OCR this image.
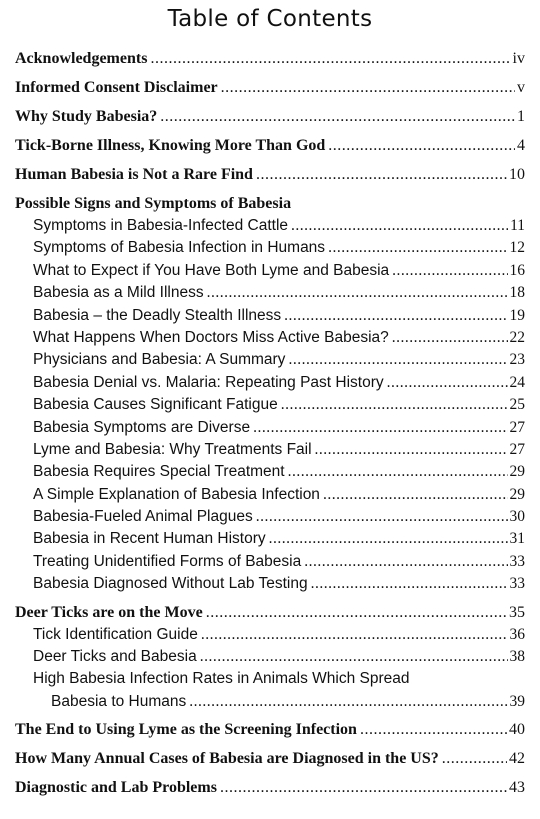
Table of Contents
Acknowledgements .....	iv
Informed Consent Disclaimer .....	v
Why Study Babesia? .....	1
Tick-Borne Illness, Knowing More Than God .....	4
Human Babesia is Not a Rare Find .....	10
Possible Signs and Symptoms of Babesia
Symptoms in Babesia-Infected Cattle .....	11
Symptoms of Babesia Infection in Humans .....	12
What to Expect if You Have Both Lyme and Babesia .....	16
Babesia as a Mild Illness .....	18
Babesia – the Deadly Stealth Illness .....	19
What Happens When Doctors Miss Active Babesia? .....	22
Physicians and Babesia: A Summary .....	23
Babesia Denial vs. Malaria: Repeating Past History .....	24
Babesia Causes Significant Fatigue .....	25
Babesia Symptoms are Diverse .....	27
Lyme and Babesia: Why Treatments Fail .....	27
Babesia Requires Special Treatment .....	29
A Simple Explanation of Babesia Infection .....	29
Babesia-Fueled Animal Plagues .....	30
Babesia in Recent Human History .....	31
Treating Unidentified Forms of Babesia .....	33
Babesia Diagnosed Without Lab Testing .....	33
Deer Ticks are on the Move .....	35
Tick Identification Guide .....	36
Deer Ticks and Babesia .....	38
High Babesia Infection Rates in Animals Which Spread
Babesia to Humans .....	39
The End to Using Lyme as the Screening Infection .....	40
How Many Annual Cases of Babesia are Diagnosed in the US? .....	42
Diagnostic and Lab Problems .....	43
